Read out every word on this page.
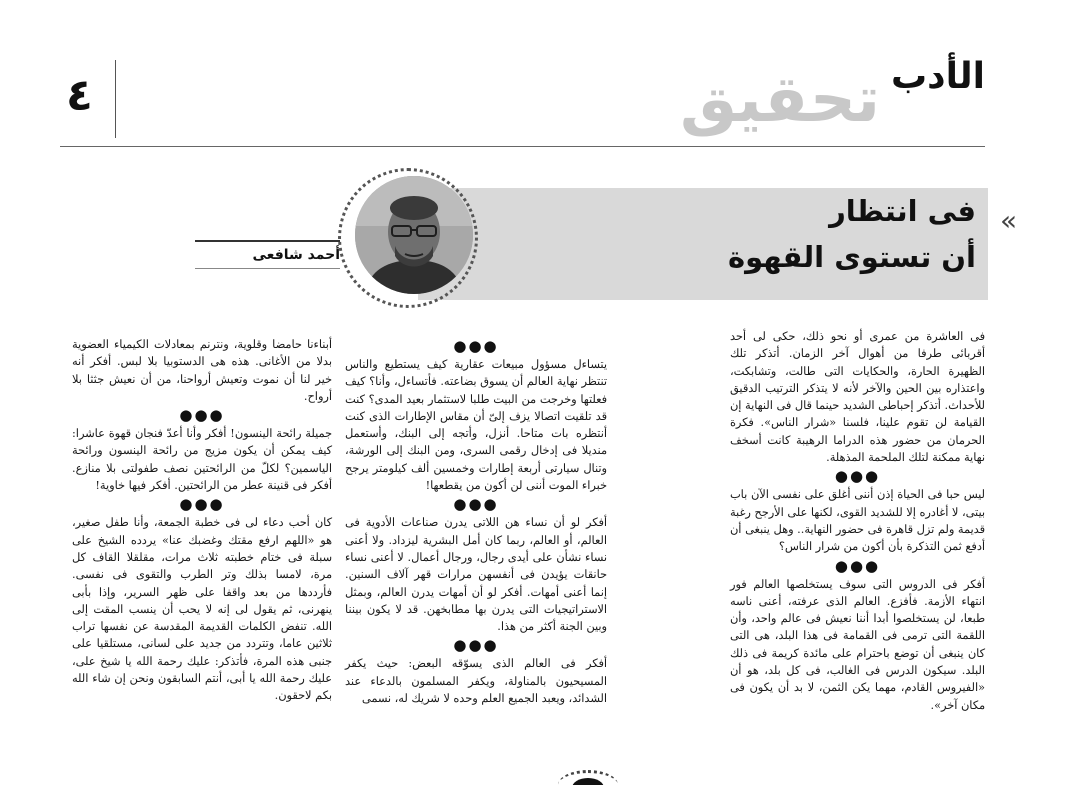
٤	تحقيق الأدب
»
فى انتظار
أن تستوى القهوة
أحمد شافعى

فى العاشرة من عمرى أو نحو ذلك، حكى لى أحد أقربائى طرفا من أهوال آخر الزمان. أتذكر تلك الظهيرة الحارة، والحكايات التى طالت، وتشابكت، واعتذاره بين الحين والآخر لأنه لا يتذكر الترتيب الدقيق للأحداث. أتذكر إحباطى الشديد حينما قال فى النهاية إن القيامة لن تقوم علينا، فلسنا «شرار الناس». فكرة الحرمان من حضور هذه الدراما الرهيبة كانت أسخف نهاية ممكنة لتلك الملحمة المذهلة.

●●●

ليس حبا فى الحياة إذن أننى أغلق على نفسى الآن باب بيتى، لا أغادره إلا للشديد القوى، لكنها على الأرجح رغبة قديمة ولم تزل قاهرة فى حضور النهاية.. وهل ينبغى أن أدفع ثمن التذكرة بأن أكون من شرار الناس؟

●●●

أفكر فى الدروس التى سوف يستخلصها العالم فور انتهاء الأزمة. فأفزع. العالم الذى عرفته، أعنى ناسه طبعا، لن يستخلصوا أبدا أننا نعيش فى عالم واحد، وأن اللقمة التى ترمى فى القمامة فى هذا البلد، هى التى كان ينبغى أن توضع باحترام على مائدة كريمة فى ذلك البلد. سيكون الدرس فى الغالب، فى كل بلد، هو أن «الفيروس القادم، مهما يكن الثمن، لا بد أن يكون فى مكان آخر».

●●●

يتساءل مسؤول مبيعات عقارية كيف يستطيع والناس تنتظر نهاية العالم أن يسوق بضاعته. فأتساءل، وأنا؟ كيف فعلتها وخرجت من البيت طلبا لاستثمار بعيد المدى؟ كنت قد تلقيت اتصالا يزف إلىّ أن مقاس الإطارات الذى كنت أنتظره بات متاحا. أنزل، وأتجه إلى البنك، وأستعمل منديلا فى إدخال رقمى السرى، ومن البنك إلى الورشة، وتنال سيارتى أربعة إطارات وخمسين ألف كيلومتر يرجح خبراء الموت أننى لن أكون من يقطعها!

●●●

أفكر لو أن نساء هن اللاتى يدرن صناعات الأدوية فى العالم، أو العالم، ربما كان أمل البشرية ليزداد. ولا أعنى نساء نشأن على أيدى رجال، ورجال أعمال. لا أعنى نساء حانقات يؤيدن فى أنفسهن مرارات قهر آلاف السنين. إنما أعنى أمهات. أفكر لو أن أمهات يدرن العالم، وبمثل الاستراتيجيات التى يدرن بها مطابخهن. قد لا يكون بيننا وبين الجنة أكثر من هذا.

●●●

أفكر فى العالم الذى يسوّقه البعض: حيث يكفر المسيحيون بالمناولة، ويكفر المسلمون بالدعاء عند الشدائد، ويعبد الجميع العلم وحده لا شريك له، نسمى

أبناءنا حامضا وقلوية، ونترنم بمعادلات الكيمياء العضوية بدلا من الأغانى. هذه هى الدستوبيا بلا لبس. أفكر أنه خير لنا أن نموت وتعيش أرواحنا، من أن نعيش جثثا بلا أرواح.

●●●

جميلة رائحة الينسون! أفكر وأنا أعدّ فنجان قهوة عاشرا: كيف يمكن أن يكون مزيج من رائحة الينسون ورائحة الياسمين؟ لكلّ من الرائحتين نصف طفولتى بلا منازع. أفكر فى قنينة عطر من الرائحتين. أفكر فيها خاوية!

●●●

كان أحب دعاء لى فى خطبة الجمعة، وأنا طفل صغير، هو «اللهم ارفع مقتك وغضبك عنا» يردده الشيخ على سبلة فى ختام خطبته ثلاث مرات، مقلقلا القاف كل مرة، لامسا بذلك وتر الطرب والتقوى فى نفسى. فأرددها من بعد واقفا على ظهر السرير، وإذا بأبى ينهرنى، ثم يقول لى إنه لا يحب أن ينسب المقت إلى الله. تنفض الكلمات القديمة المقدسة عن نفسها تراب ثلاثين عاما، وتتردد من جديد على لسانى، مستلقيا على جنبى هذه المرة، فأتذكر: عليك رحمة الله يا شيخ على، عليك رحمة الله يا أبى، أنتم السابقون ونحن إن شاء الله بكم لاحقون.
